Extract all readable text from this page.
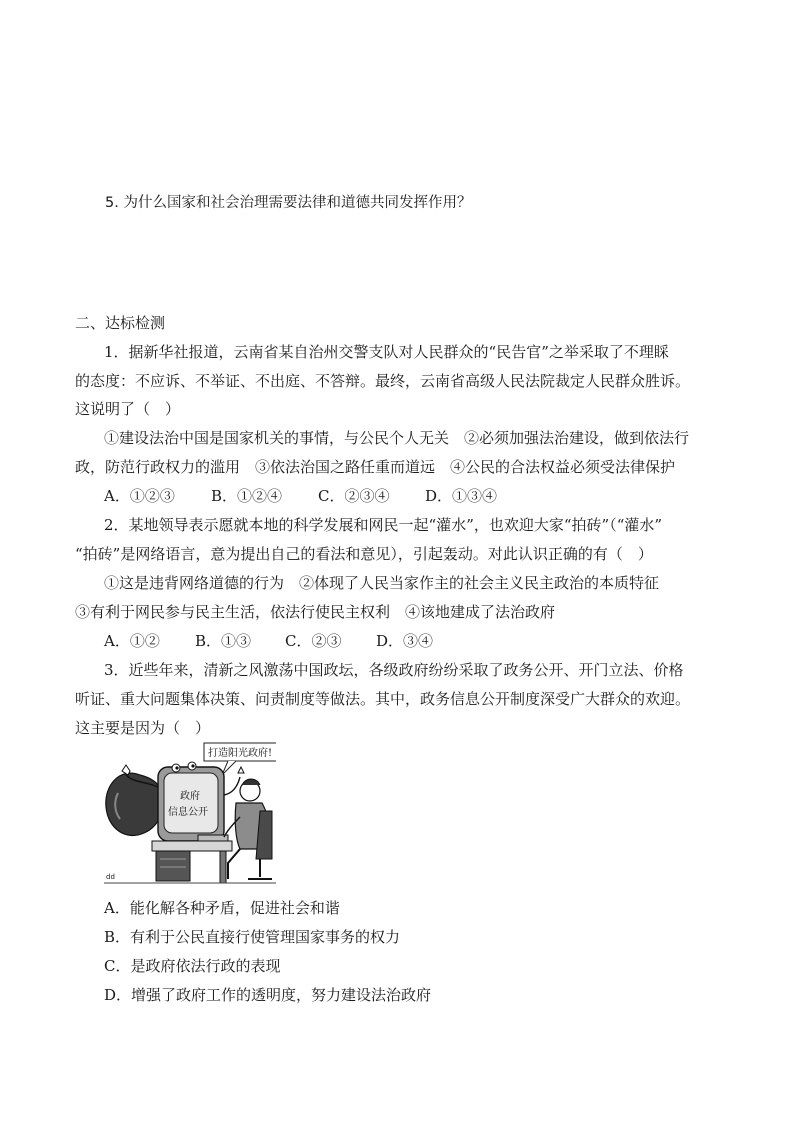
5. 为什么国家和社会治理需要法律和道德共同发挥作用？
二、达标检测
1．据新华社报道，云南省某自治州交警支队对人民群众的“民告官”之举采取了不理睬
的态度：不应诉、不举证、不出庭、不答辩。最终，云南省高级人民法院裁定人民群众胜诉。
这说明了（　）
①建设法治中国是国家机关的事情，与公民个人无关　②必须加强法治建设，做到依法行
政，防范行政权力的滥用　③依法治国之路任重而道远　④公民的合法权益必须受法律保护
A．①②③ B．①②④ C．②③④ D．①③④
2．某地领导表示愿就本地的科学发展和网民一起“灌水”，也欢迎大家“拍砖”（“灌水”
“拍砖”是网络语言，意为提出自己的看法和意见），引起轰动。对此认识正确的有（　）
①这是违背网络道德的行为　②体现了人民当家作主的社会主义民主政治的本质特征
③有利于网民参与民主生活，依法行使民主权利　④该地建成了法治政府
A．①② B．①③ C．②③ D．③④
3．近些年来，清新之风激荡中国政坛，各级政府纷纷采取了政务公开、开门立法、价格
听证、重大问题集体决策、问责制度等做法。其中，政务信息公开制度深受广大群众的欢迎。
这主要是因为（　）
打造阳光政府!
政府
信息公开
dd
A．能化解各种矛盾，促进社会和谐
B．有利于公民直接行使管理国家事务的权力
C．是政府依法行政的表现
D．增强了政府工作的透明度，努力建设法治政府
